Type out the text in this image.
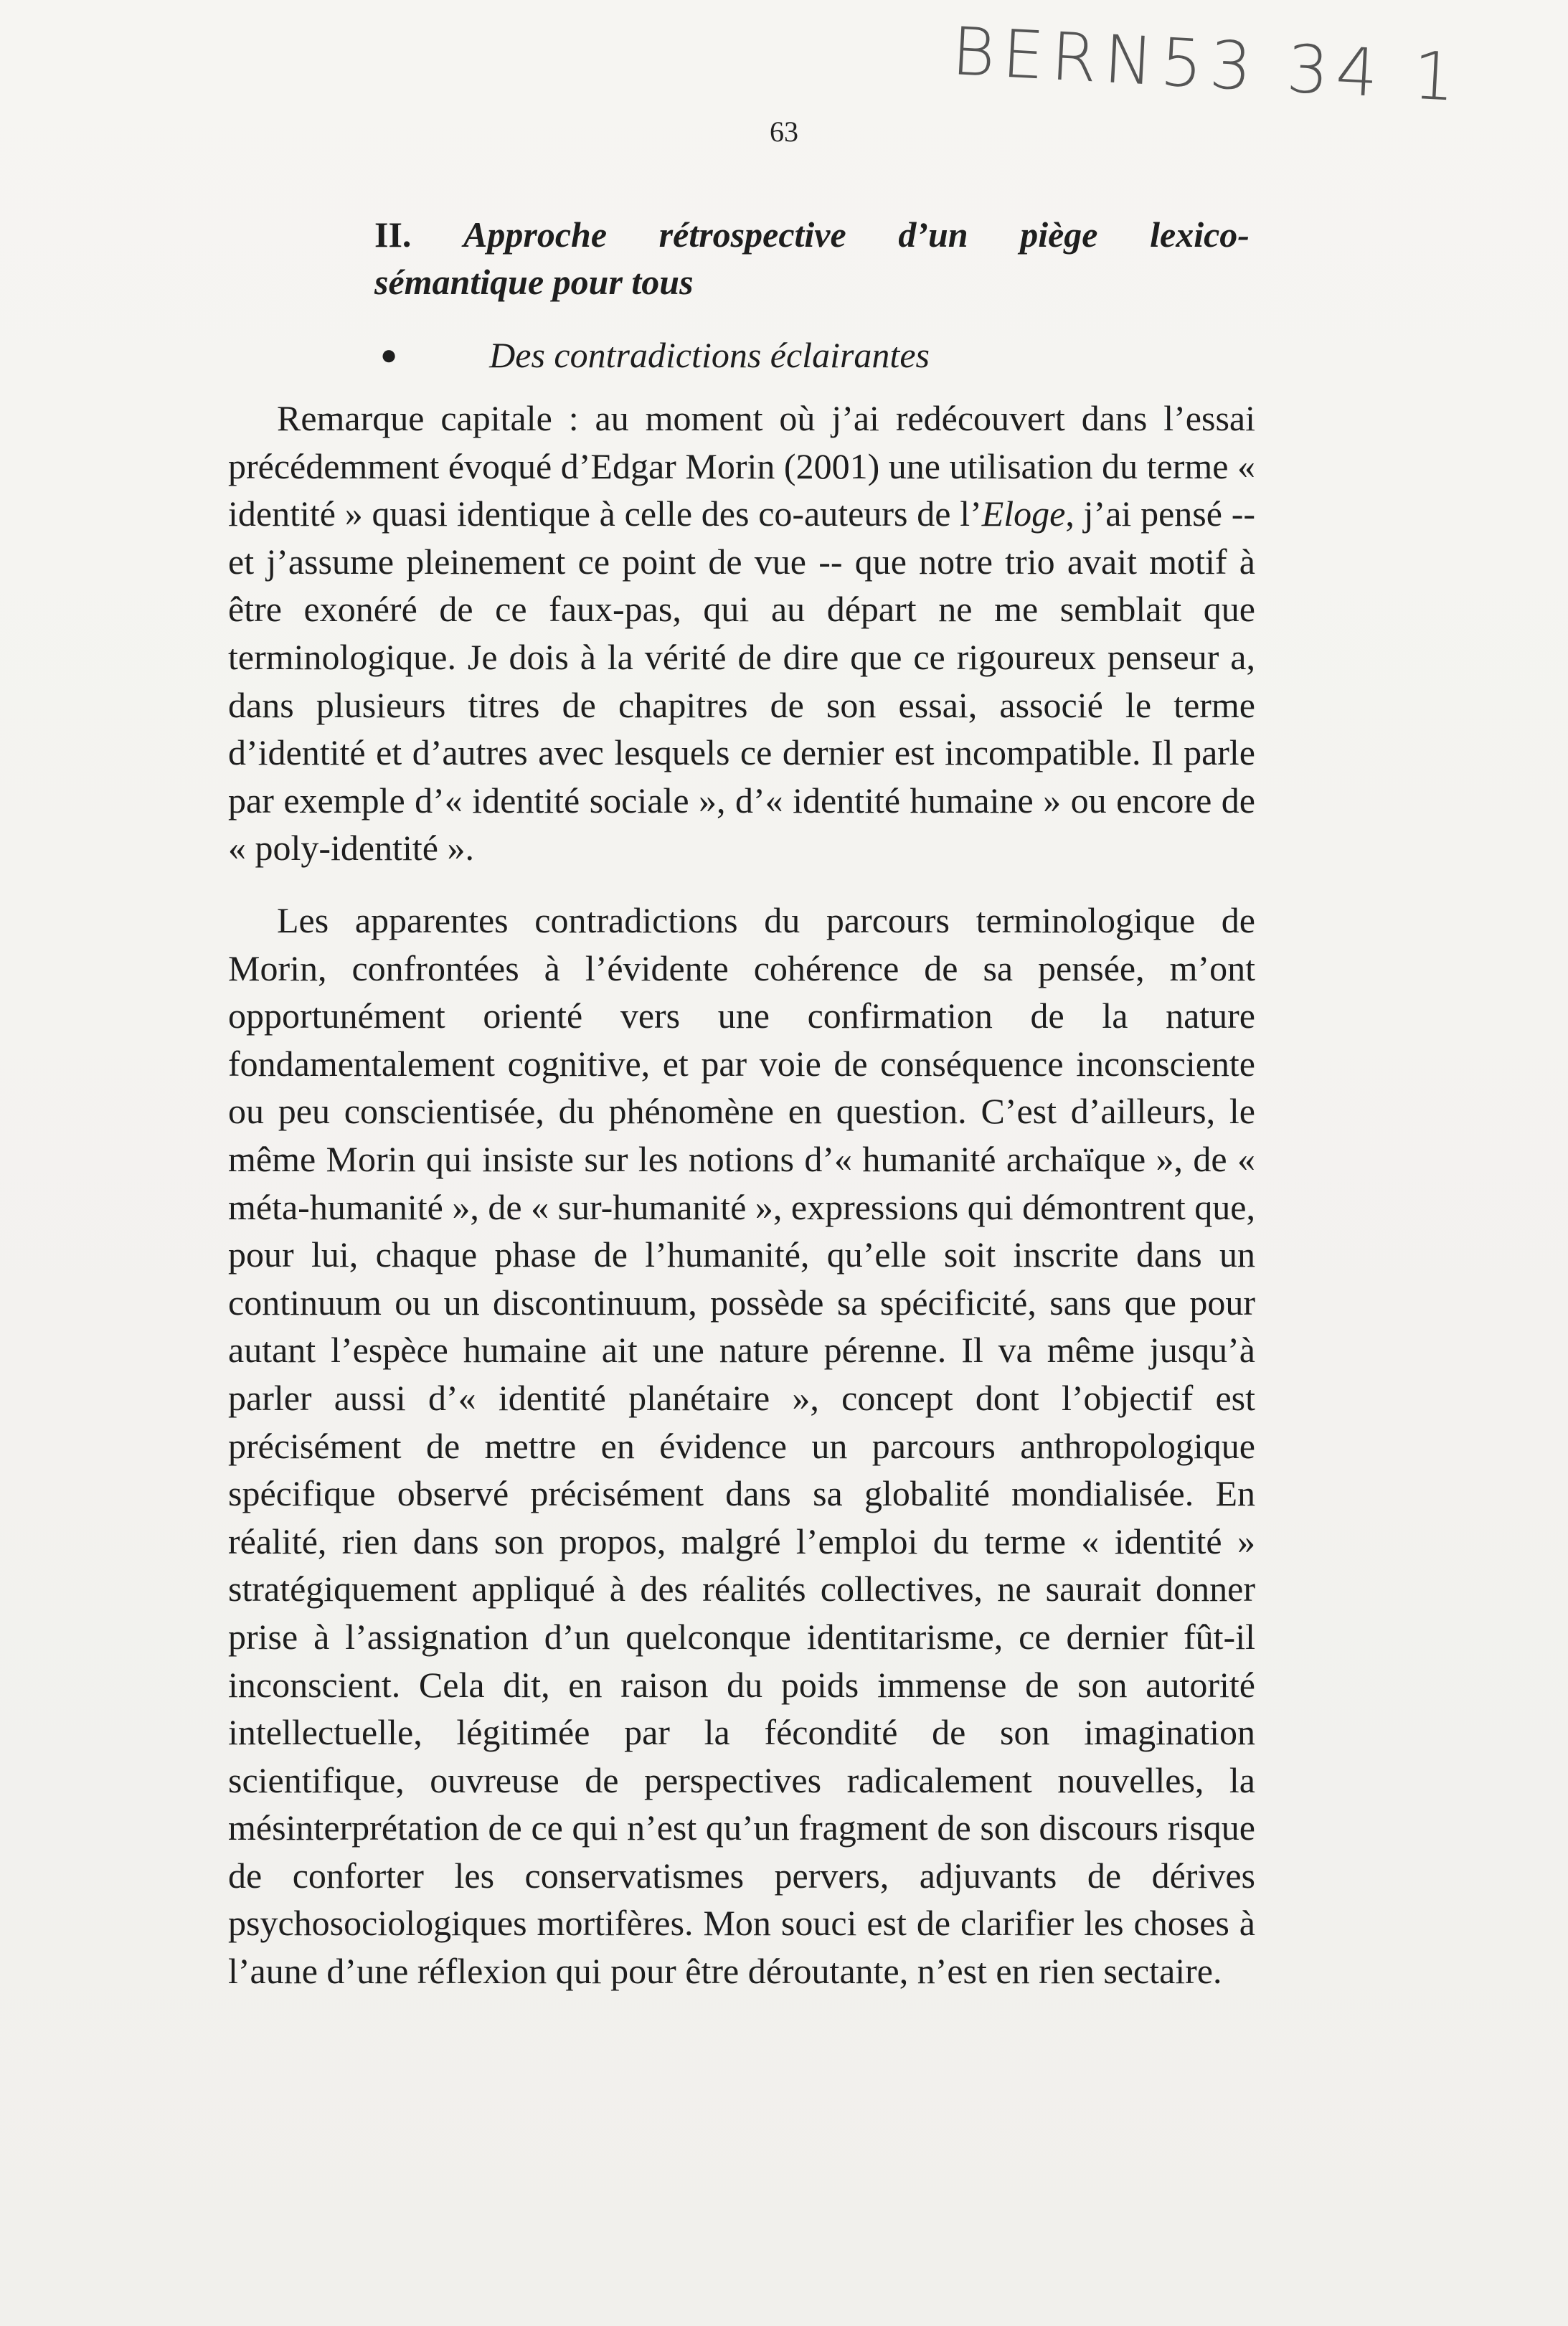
BERN53 34 1
63
II. Approche rétrospective d’un piège lexico-
sémantique pour tous
●	Des contradictions éclairantes

Remarque capitale : au moment où j’ai redécouvert dans l’essai précédemment évoqué d’Edgar Morin (2001) une utilisation du terme « identité » quasi identique à celle des co-auteurs de l’Eloge, j’ai pensé -- et j’assume pleinement ce point de vue -- que notre trio avait motif à être exonéré de ce faux-pas, qui au départ ne me semblait que terminologique. Je dois à la vérité de dire que ce rigoureux penseur a, dans plusieurs titres de chapitres de son essai, associé le terme d’identité et d’autres avec lesquels ce dernier est incompatible. Il parle par exemple d’« identité sociale », d’« identité humaine » ou encore de « poly-identité ».

Les apparentes contradictions du parcours terminologique de Morin, confrontées à l’évidente cohérence de sa pensée, m’ont opportunément orienté vers une confirmation de la nature fondamentalement cognitive, et par voie de conséquence inconsciente ou peu conscientisée, du phénomène en question. C’est d’ailleurs, le même Morin qui insiste sur les notions d’« humanité archaïque », de « méta-humanité », de « sur-humanité », expressions qui démontrent que, pour lui, chaque phase de l’humanité, qu’elle soit inscrite dans un continuum ou un discontinuum, possède sa spécificité, sans que pour autant l’espèce humaine ait une nature pérenne. Il va même jusqu’à parler aussi d’« identité planétaire », concept dont l’objectif est précisément de mettre en évidence un parcours anthropologique spécifique observé précisément dans sa globalité mondialisée. En réalité, rien dans son propos, malgré l’emploi du terme « identité » stratégiquement appliqué à des réalités collectives, ne saurait donner prise à l’assignation d’un quelconque identitarisme, ce dernier fût-il inconscient. Cela dit, en raison du poids immense de son autorité intellectuelle, légitimée par la fécondité de son imagination scientifique, ouvreuse de perspectives radicalement nouvelles, la mésinterprétation de ce qui n’est qu’un fragment de son discours risque de conforter les conservatismes pervers, adjuvants de dérives psychosociologiques mortifères. Mon souci est de clarifier les choses à l’aune d’une réflexion qui pour être déroutante, n’est en rien sectaire.
